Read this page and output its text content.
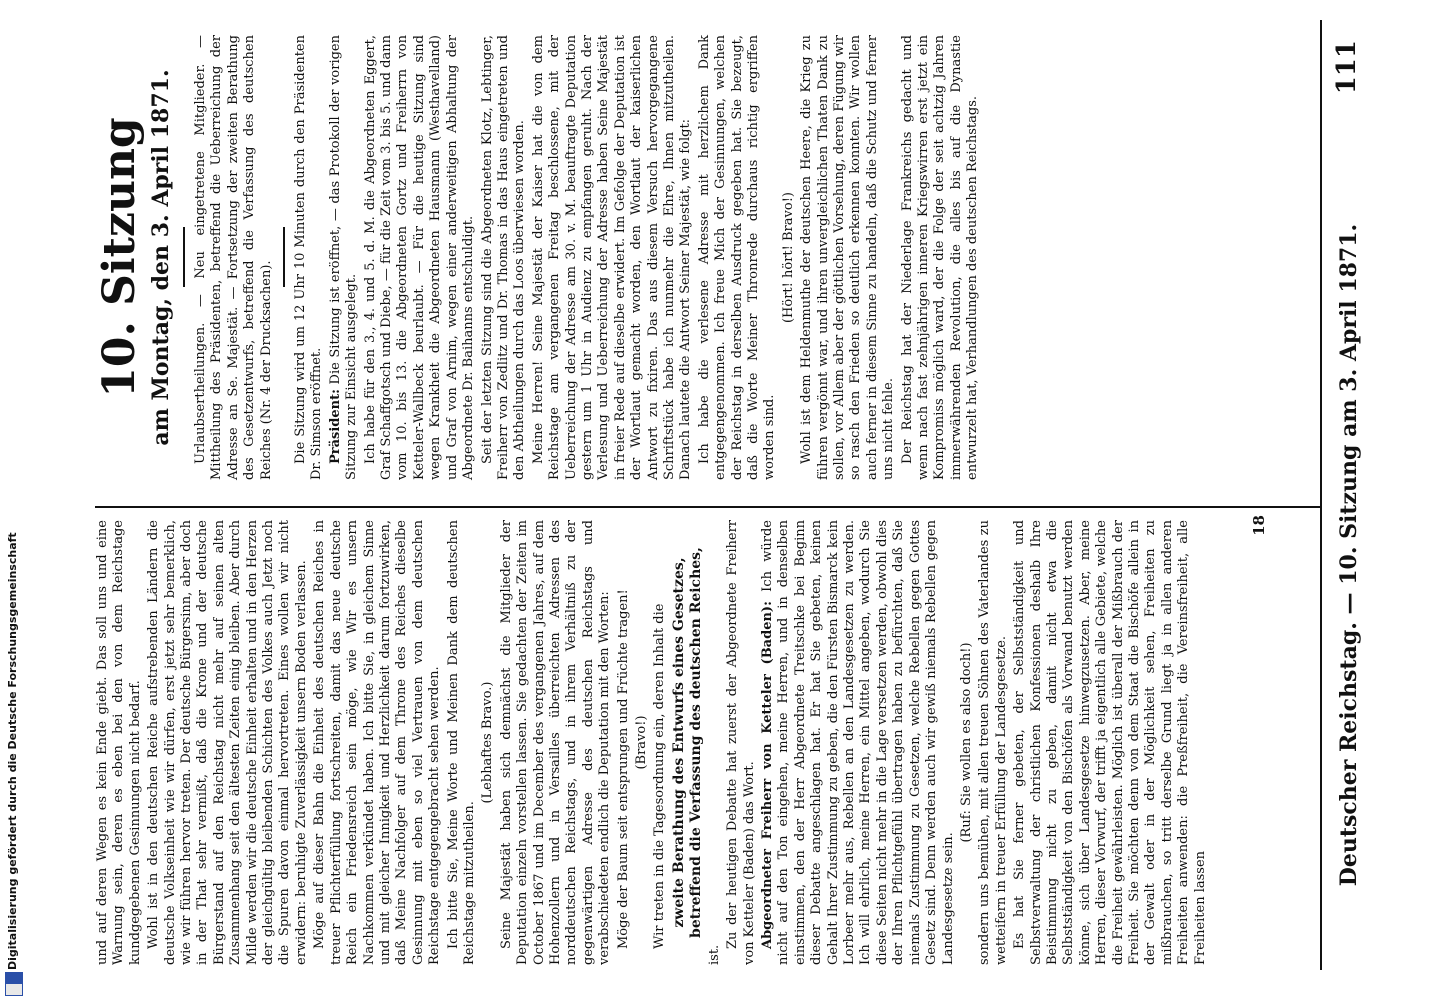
Deutscher Reichstag. — 10. Sitzung am 3. April 1871.
111

10. Sitzung am Montag, den 3. April 1871. Urlaubsertheilungen. — Neu eingetretene Mitglieder. — Mittheilung des Präsidenten, betreffend die Ueberreichung der Adresse an Se. Majestät. — Fortsetzung der zweiten Berathung des Gesetzentwurfs, betreffend die Verfassung des deutschen Reiches (Nr. 4 der Drucksachen). Die Sitzung wird um 12 Uhr 10 Minuten durch den Präsidenten Dr. Simson eröffnet. Präsident: Die Sitzung ist eröffnet, — das Protokoll der vorigen Sitzung zur Einsicht ausgelegt. Ich habe für den 3., 4. und 5. d. M. die Abgeordneten Eggert, Graf Schaffgotsch und Diebe, — für die Zeit vom 3. bis 5. und dann vom 10. bis 13. die Abgeordneten Gortz und Freiherrn von Ketteler-Wallbeck beurlaubt. — Für die heutige Sitzung sind wegen Krankheit die Abgeordneten Hausmann (Westhavelland) und Graf von Arnim, wegen einer anderweitigen Abhaltung der Abgeordnete Dr. Baihanns entschuldigt. Seit der letzten Sitzung sind die Abgeordneten Klotz, Lebtinger, Freiherr von Zedlitz und Dr. Thomas in das Haus eingetreten und den Abtheilungen durch das Loos überwiesen worden. Meine Herren! Seine Majestät der Kaiser hat die von dem Reichstage am vergangenen Freitag beschlossene, mit der Ueberreichung der Adresse am 30. v. M. beauftragte Deputation gestern um 1 Uhr in Audienz zu empfangen geruht. Nach der Verlesung und Ueberreichung der Adresse haben Seine Majestät in freier Rede auf dieselbe erwidert. Im Gefolge der Deputation ist der Wortlaut gemacht worden, den Wortlaut der kaiserlichen Antwort zu fixiren. Das aus diesem Versuch hervorgegangene Schriftstück habe ich nunmehr die Ehre, Ihnen mitzutheilen. Danach lautete die Antwort Seiner Majestät, wie folgt: Ich habe die verlesene Adresse mit herzlichem Dank entgegengenommen. Ich freue Mich der Gesinnungen, welchen der Reichstag in derselben Ausdruck gegeben hat. Sie bezeugt, daß die Worte Meiner Thronrede durchaus richtig ergriffen worden sind.

(Hört! hört! Bravo!) Wohl ist dem Heldenmuthe der deutschen Heere, die Krieg zu führen vergönnt war, und ihren unvergleichlichen Thaten Dank zu sollen, vor Allem aber der göttlichen Vorsehung, deren Fügung wir so rasch den Frieden so deutlich erkennen konnten. Wir wollen auch ferner in diesem Sinne zu handeln, daß die Schutz und ferner uns nicht fehle. Der Reichstag hat der Niederlage Frankreichs gedacht und wenn nach fast zehnjährigen inneren Kriegswirren erst jetzt ein Kompromiss möglich ward, der die Folge der seit achtzig Jahren immerwährenden Revolution, die alles bis auf die Dynastie entwurzelt hat, Verhandlungen des deutschen Reichstags.

und auf deren Wegen es kein Ende giebt. Das soll uns und eine Warnung sein, deren es eben bei den von dem Reichstage kundgegebenen Gesinnungen nicht bedarf. Wohl ist in den deutschen Reiche aufstrebenden Ländern die deutsche Volkseinheit wie wir dürfen, erst jetzt sehr bemerklich, wie wir führen hervor treten. Der deutsche Bürgersinn, aber doch in der That sehr vermißt, daß die Krone und der deutsche Bürgerstand auf den Reichstag nicht mehr auf seinen alten Zusammenhang seit den ältesten Zeiten einig bleiben. Aber durch Milde werden wir die deutsche Einheit erhalten und in den Herzen der gleichgültig bleibenden Schichten des Volkes auch Jetzt noch die Spuren davon einmal hervortreten. Eines wollen wir nicht erwidern: beruhigte Zuverlässigkeit unsern Boden verlassen. Möge auf dieser Bahn die Einheit des deutschen Reiches in treuer Pflichterfüllung fortschreiten, damit das neue deutsche Reich ein Friedensreich sein möge, wie Wir es unsern Nachkommen verkündet haben. Ich bitte Sie, in gleichem Sinne und mit gleicher Innigkeit und Herzlichkeit darum fortzuwirken, daß Meine Nachfolger auf dem Throne des Reiches dieselbe Gesinnung mit eben so viel Vertrauen von dem deutschen Reichstage entgegengebracht sehen werden. Ich bitte Sie, Meine Worte und Meinen Dank dem deutschen Reichstage mitzutheilen.

(Lebhaftes Bravo.) Seine Majestät haben sich demnächst die Mitglieder der Deputation einzeln vorstellen lassen. Sie gedachten der Zeiten im October 1867 und im December des vergangenen Jahres, auf dem Hohenzollern und in Versailles überreichten Adressen des norddeutschen Reichstags, und in ihrem Verhältniß zu der gegenwärtigen Adresse des deutschen Reichstags und verabschiedeten endlich die Deputation mit den Worten: Möge der Baum seit entsprungen und Früchte tragen! (Bravo!) Wir treten in die Tagesordnung ein, deren Inhalt die zweite Berathung des Entwurfs eines Gesetzes, betreffend die Verfassung des deutschen Reiches,

ist.

Zu der heutigen Debatte hat zuerst der Abgeordnete Freiherr von Ketteler (Baden) das Wort. Abgeordneter Freiherr von Ketteler (Baden): Ich würde nicht auf den Ton eingehen, meine Herren, und in denselben einstimmen, den der Herr Abgeordnete Treitschke bei Beginn dieser Debatte angeschlagen hat. Er hat Sie gebeten, keinen Gehalt Ihrer Zustimmung zu geben, die den Fürsten Bismarck kein Lorbeer mehr aus, Rebellen an den Landesgesetzen zu werden. Ich will ehrlich, meine Herren, ein Mittel angeben, wodurch Sie diese Seiten nicht mehr in die Lage versetzen werden, obwohl dies der Ihren Pflichtgefühl übertragen haben zu befürchten, daß Sie niemals Zustimmung zu Gesetzen, welche Rebellen gegen Gottes Gesetz sind. Denn werden auch wir gewiß niemals Rebellen gegen Landesgesetze sein.

(Ruf: Sie wollen es also doch!) sondern uns bemühen, mit allen treuen Söhnen des Vaterlandes zu wetteifern in treuer Erfüllung der Landesgesetze. Es hat Sie ferner gebeten, der Selbstständigkeit und Selbstverwaltung der christlichen Konfessionen deshalb Ihre Beistimmung nicht zu geben, damit nicht etwa die Selbstständigkeit von den Bischöfen als Vorwand benutzt werden könne, sich über Landesgesetze hinwegzusetzen. Aber, meine Herren, dieser Vorwurf, der trifft ja eigentlich alle Gebiete, welche die Freiheit gewährleisten. Möglich ist überall der Mißbrauch der Freiheit. Sie möchten denn von dem Staat die Bischöfe allein in der Gewalt oder in der Möglichkeit sehen, Freiheiten zu mißbrauchen, so tritt derselbe Grund liegt ja in allen anderen Freiheiten anwenden: die Preßfreiheit, die Vereinsfreiheit, alle Freiheiten lassen

18
Digitalisierung gefördert durch die Deutsche Forschungsgemeinschaft
